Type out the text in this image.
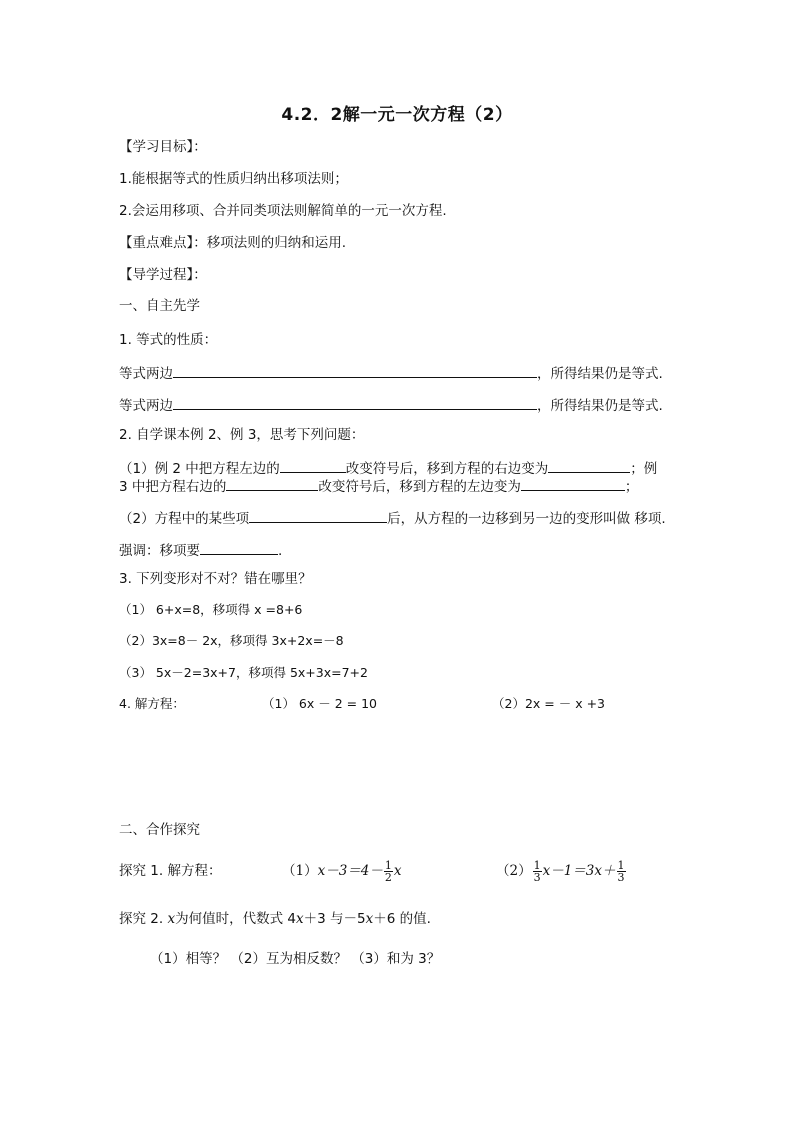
4.2．2解一元一次方程（2）
【学习目标】：
1.能根据等式的性质归纳出移项法则；
2.会运用移项、合并同类项法则解简单的一元一次方程.
【重点难点】：移项法则的归纳和运用.
【导学过程】：
一、自主先学
1. 等式的性质：
等式两边	，所得结果仍是等式.
等式两边	，所得结果仍是等式.
2. 自学课本例 2、例 3，思考下列问题：
（1）例 2 中把方程左边的	改变符号后，移到方程的右边变为	；例
3 中把方程右边的	改变符号后，移到方程的左边变为	；
（2）方程中的某些项	后，从方程的一边移到另一边的变形叫做 移项.
强调：移项要	.
3. 下列变形对不对？错在哪里？
（1） 6+x=8，移项得 x =8+6
（2）3x=8－ 2x，移项得 3x+2x=－8
（3） 5x－2=3x+7，移项得 5x+3x=7+2
4. 解方程：	（1） 6x － 2 = 10	（2）2x = － x +3
二、合作探究
探究 1. 解方程：	$(1)x-3=4- \frac{1}{2}$ x	$(2) \frac{1}{3} x-1=3x+ \frac{1}{3}$
探究 2. x为何值时，代数式 4x＋3 与－5x＋6 的值.
（1）相等？ （2）互为相反数？ （3）和为 3？
